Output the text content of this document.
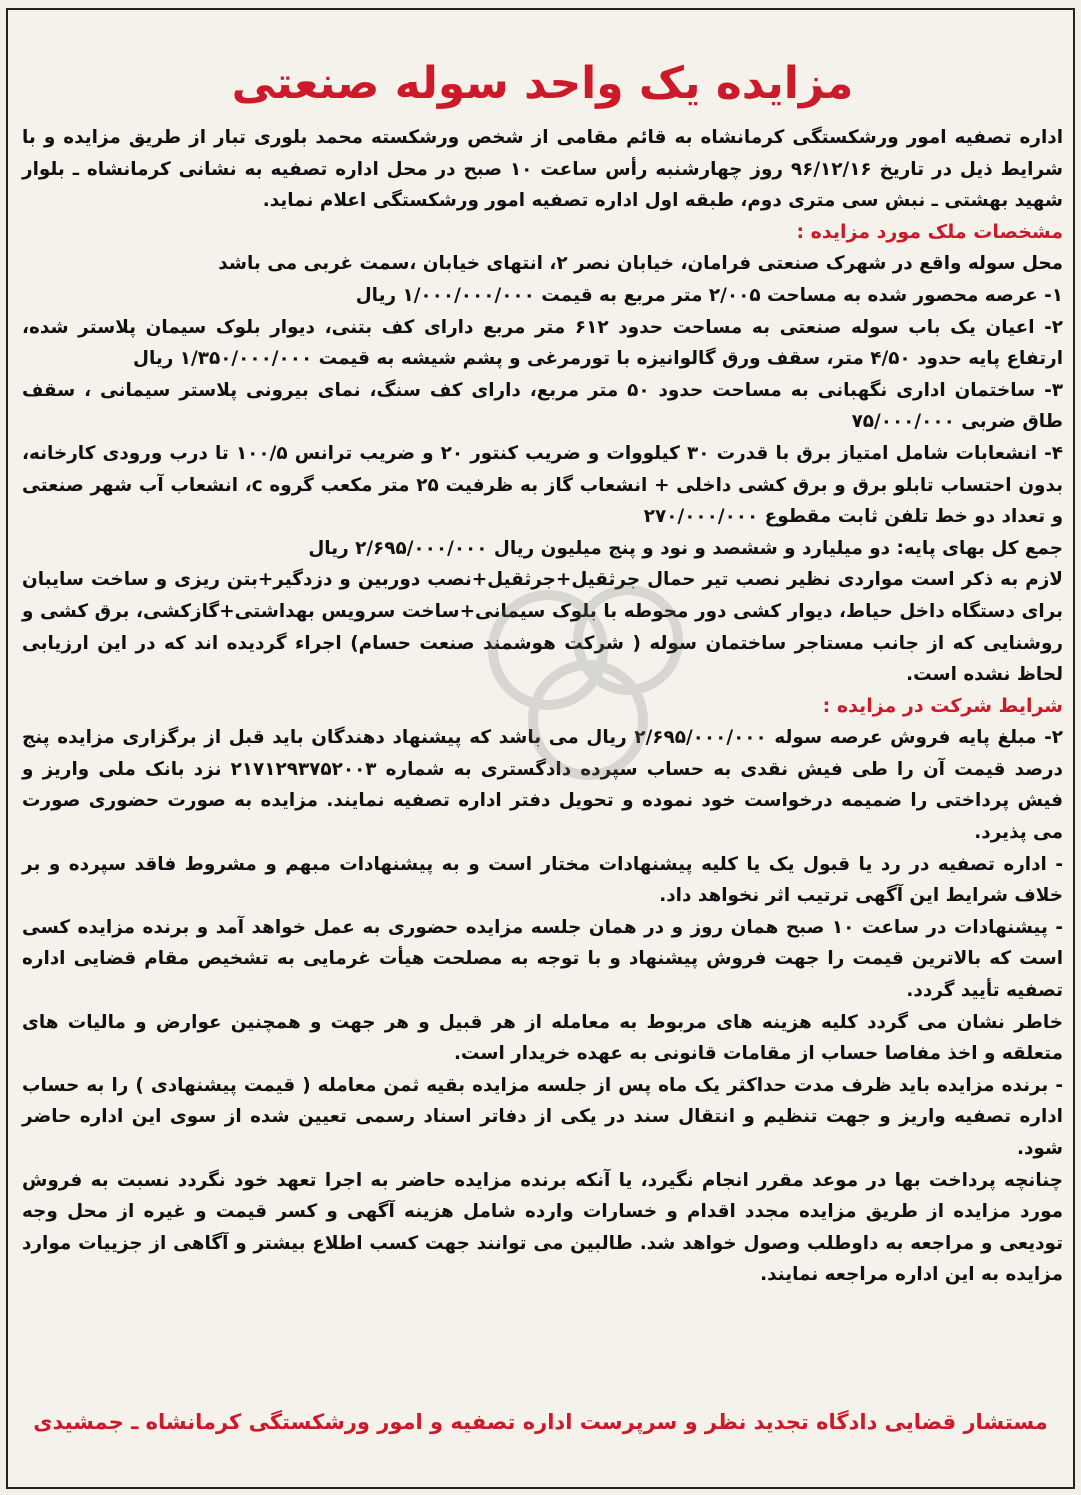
مزایده یک واحد سوله صنعتی

اداره تصفیه امور ورشکستگی کرمانشاه به قائم مقامی از شخص ورشکسته محمد بلوری تبار از طریق مزایده و با شرایط ذیل در تاریخ ۹۶/۱۲/۱۶ روز چهارشنبه رأس ساعت ۱۰ صبح در محل اداره تصفیه به نشانی کرمانشاه ـ بلوار شهید بهشتی ـ نبش سی متری دوم، طبقه اول اداره تصفیه امور ورشکستگی اعلام نماید.

مشخصات ملک مورد مزایده :

محل سوله واقع در شهرک صنعتی فرامان، خیابان نصر ۲، انتهای خیابان ،سمت غربی می باشد

۱- عرصه محصور شده به مساحت ۲/۰۰۵ متر مربع به قیمت ۱/۰۰۰/۰۰۰/۰۰۰ ریال

۲- اعیان یک باب سوله صنعتی به مساحت حدود ۶۱۲ متر مربع دارای کف بتنی، دیوار بلوک سیمان پلاستر شده، ارتفاع پایه حدود ۴/۵۰ متر، سقف ورق گالوانیزه با تورمرغی و پشم شیشه به قیمت ۱/۳۵۰/۰۰۰/۰۰۰ ریال

۳- ساختمان اداری نگهبانی به مساحت حدود ۵۰ متر مربع، دارای کف سنگ، نمای بیرونی پلاستر سیمانی ، سقف طاق ضربی ۷۵/۰۰۰/۰۰۰

۴- انشعابات شامل امتیاز برق با قدرت ۳۰ کیلووات و ضریب کنتور ۲۰ و ضریب ترانس ۱۰۰/۵ تا درب ورودی کارخانه، بدون احتساب تابلو برق و برق کشی داخلی + انشعاب گاز به ظرفیت ۲۵ متر مکعب گروه c، انشعاب آب شهر صنعتی و تعداد دو خط تلفن ثابت مقطوع ۲۷۰/۰۰۰/۰۰۰

جمع کل بهای پایه: دو میلیارد و ششصد و نود و پنج میلیون ریال ۲/۶۹۵/۰۰۰/۰۰۰ ریال

لازم به ذکر است مواردی نظیر نصب تیر حمال جرثقیل+جرثقیل+نصب دوربین و دزدگیر+بتن ریزی و ساخت سایبان برای دستگاه داخل حیاط، دیوار کشی دور محوطه با بلوک سیمانی+ساخت سرویس بهداشتی+گازکشی، برق کشی و روشنایی که از جانب مستاجر ساختمان سوله ( شرکت هوشمند صنعت حسام) اجراء گردیده اند که در این ارزیابی لحاظ نشده است.

شرایط شرکت در مزایده :

۲- مبلغ پایه فروش عرصه سوله ۲/۶۹۵/۰۰۰/۰۰۰ ریال می باشد که پیشنهاد دهندگان باید قبل از برگزاری مزایده پنج درصد قیمت آن را طی فیش نقدی به حساب سپرده دادگستری به شماره ۲۱۷۱۲۹۳۷۵۲۰۰۳ نزد بانک ملی واریز و فیش پرداختی را ضمیمه درخواست خود نموده و تحویل دفتر اداره تصفیه نمایند. مزایده به صورت حضوری صورت می پذیرد.

- اداره تصفیه در رد یا قبول یک یا کلیه پیشنهادات مختار است و به پیشنهادات مبهم و مشروط فاقد سپرده و بر خلاف شرایط این آگهی ترتیب اثر نخواهد داد.

- پیشنهادات در ساعت ۱۰ صبح همان روز و در همان جلسه مزایده حضوری به عمل خواهد آمد و برنده مزایده کسی است که بالاترین قیمت را جهت فروش پیشنهاد و با توجه به مصلحت هیأت غرمایی به تشخیص مقام قضایی اداره تصفیه تأیید گردد.

خاطر نشان می گردد کلیه هزینه های مربوط به معامله از هر قبیل و هر جهت و همچنین عوارض و مالیات های متعلقه و اخذ مفاصا حساب از مقامات قانونی به عهده خریدار است.

- برنده مزایده باید ظرف مدت حداکثر یک ماه پس از جلسه مزایده بقیه ثمن معامله ( قیمت پیشنهادی ) را به حساب اداره تصفیه واریز و جهت تنظیم و انتقال سند در یکی از دفاتر اسناد رسمی تعیین شده از سوی این اداره حاضر شود.

چنانچه پرداخت بها در موعد مقرر انجام نگیرد، یا آنکه برنده مزایده حاضر به اجرا تعهد خود نگردد نسبت به فروش مورد مزایده از طریق مزایده مجدد اقدام و خسارات وارده شامل هزینه آگهی و کسر قیمت و غیره از محل وجه تودیعی و مراجعه به داوطلب وصول خواهد شد. طالبین می توانند جهت کسب اطلاع بیشتر و آگاهی از جزییات موارد مزایده به این اداره مراجعه نمایند.

مستشار قضایی دادگاه تجدید نظر و سرپرست اداره تصفیه و امور ورشکستگی کرمانشاه ـ جمشیدی
